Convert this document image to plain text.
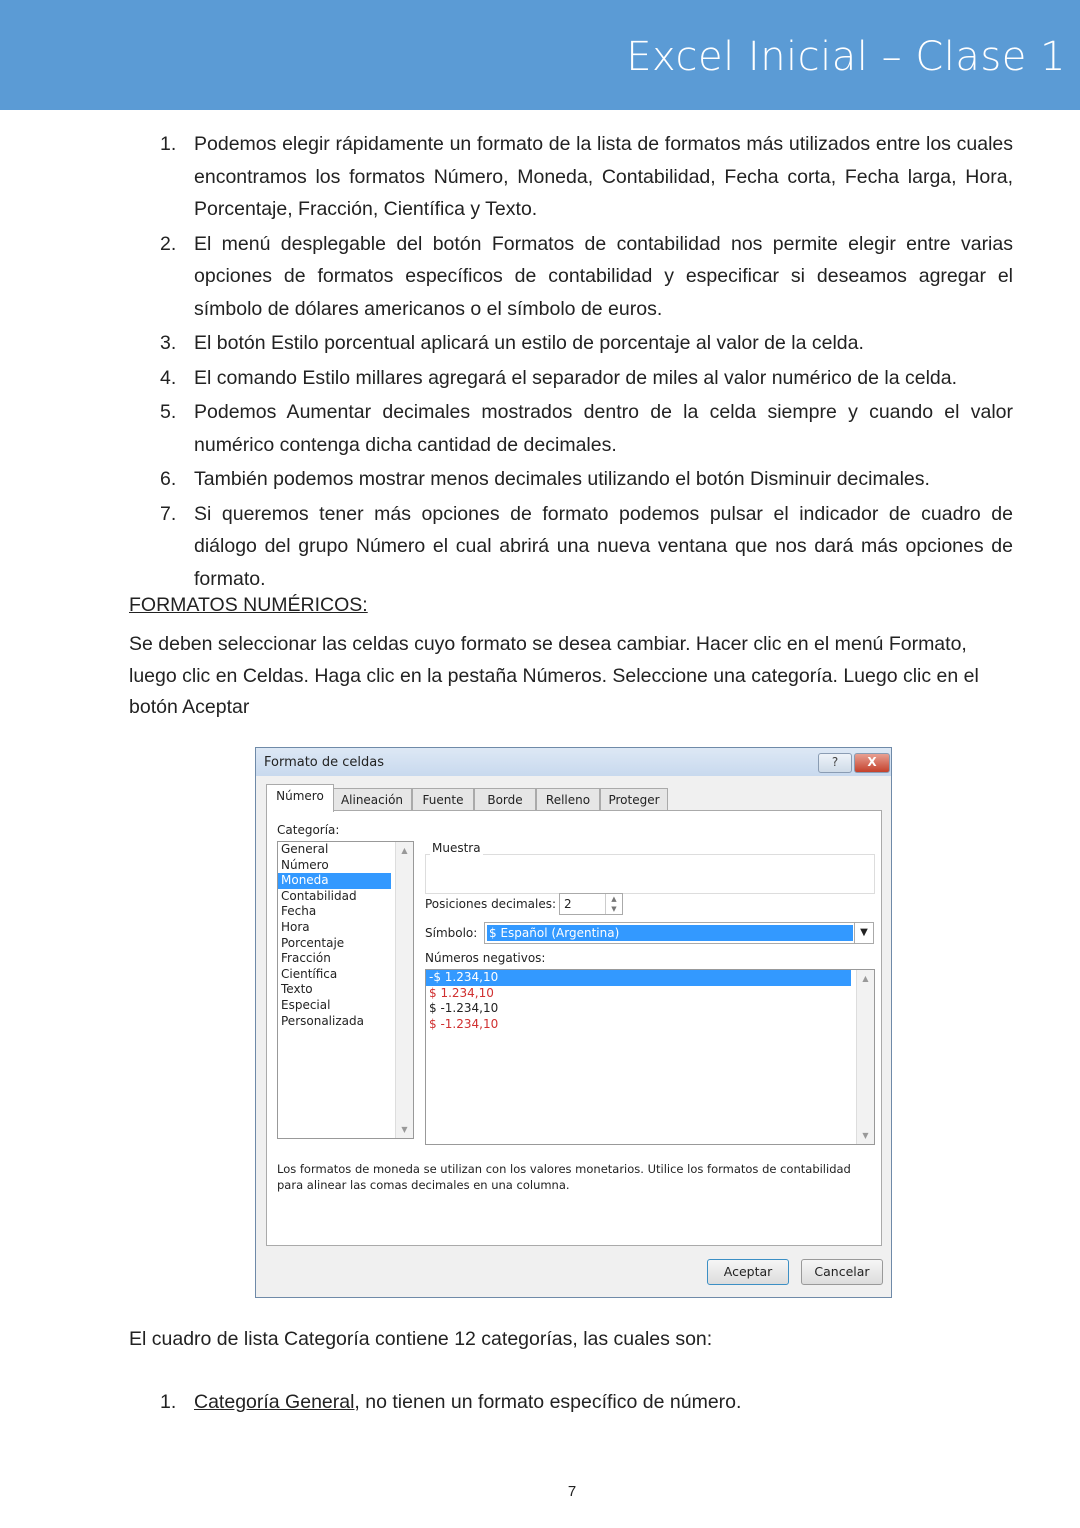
Excel Inicial – Clase 1
1. Podemos elegir rápidamente un formato de la lista de formatos más utilizados entre los cuales encontramos los formatos Número, Moneda, Contabilidad, Fecha corta, Fecha larga, Hora, Porcentaje, Fracción, Científica y Texto.
2. El menú desplegable del botón Formatos de contabilidad nos permite elegir entre varias opciones de formatos específicos de contabilidad y especificar si deseamos agregar el símbolo de dólares americanos o el símbolo de euros.
3. El botón Estilo porcentual aplicará un estilo de porcentaje al valor de la celda.
4. El comando Estilo millares agregará el separador de miles al valor numérico de la celda.
5. Podemos Aumentar decimales mostrados dentro de la celda siempre y cuando el valor numérico contenga dicha cantidad de decimales.
6. También podemos mostrar menos decimales utilizando el botón Disminuir decimales.
7. Si queremos tener más opciones de formato podemos pulsar el indicador de cuadro de diálogo del grupo Número el cual abrirá una nueva ventana que nos dará más opciones de formato.
FORMATOS NUMÉRICOS:
Se deben seleccionar las celdas cuyo formato se desea cambiar. Hacer clic en el menú Formato, luego clic en Celdas. Haga clic en la pestaña Números. Seleccione una categoría. Luego clic en el botón Aceptar
Formato de celdas	?	X
Número	Alineación	Fuente	Borde	Relleno	Proteger
Categoría:
General
Número
Moneda
Contabilidad
Fecha
Hora
Porcentaje
Fracción
Científica
Texto
Especial
Personalizada
▲
▼
Muestra
Posiciones decimales: 2	▲
▼
Símbolo: $ Español (Argentina)	▼
Números negativos:
-$ 1.234,10
$ 1.234,10
$ -1.234,10
$ -1.234,10
▲
▼
Los formatos de moneda se utilizan con los valores monetarios. Utilice los formatos de contabilidad para alinear las comas decimales en una columna.
Aceptar	Cancelar
El cuadro de lista Categoría contiene 12 categorías, las cuales son:
1. Categoría General, no tienen un formato específico de número.
7
